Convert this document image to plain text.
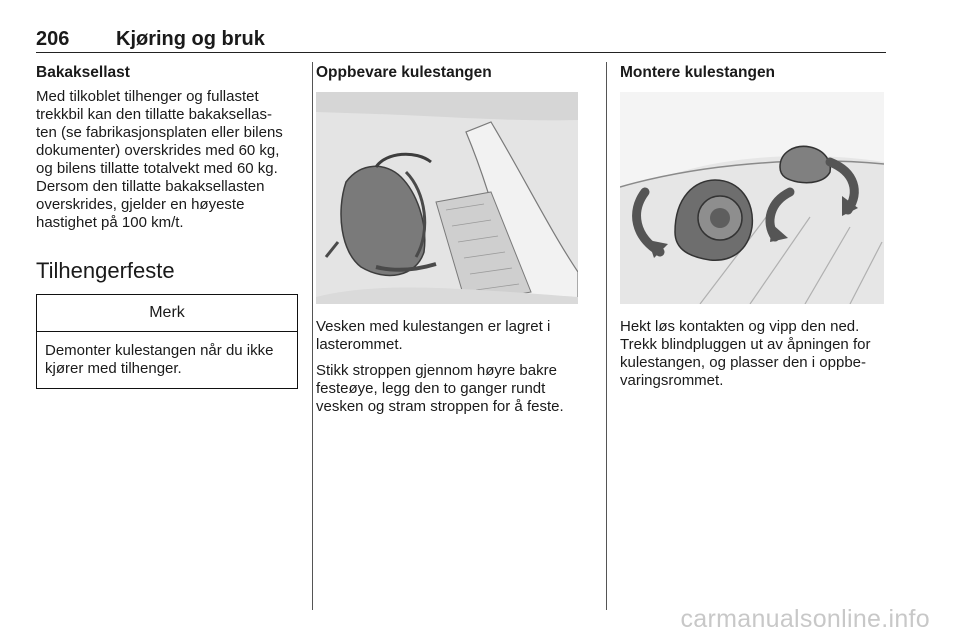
206 Kjøring og bruk
Bakaksellast

Med tilkoblet tilhenger og fullastet
trekkbil kan den tillatte bakaksellas-
ten (se fabrikasjonsplaten eller bilens
dokumenter) overskrides med 60 kg,
og bilens tillatte totalvekt med 60 kg.
Dersom den tillatte bakaksellasten
overskrides, gjelder en høyeste
hastighet på 100 km/t.

Tilhengerfeste
Merk
Demonter kulestangen når du ikke
kjører med tilhenger.
Oppbevare kulestangen

Vesken med kulestangen er lagret i
lasterommet.

Stikk stroppen gjennom høyre bakre
festeøye, legg den to ganger rundt
vesken og stram stroppen for å feste.

Montere kulestangen

Hekt løs kontakten og vipp den ned.
Trekk blindpluggen ut av åpningen for
kulestangen, og plasser den i oppbe-
varingsrommet.

carmanualsonline.info
